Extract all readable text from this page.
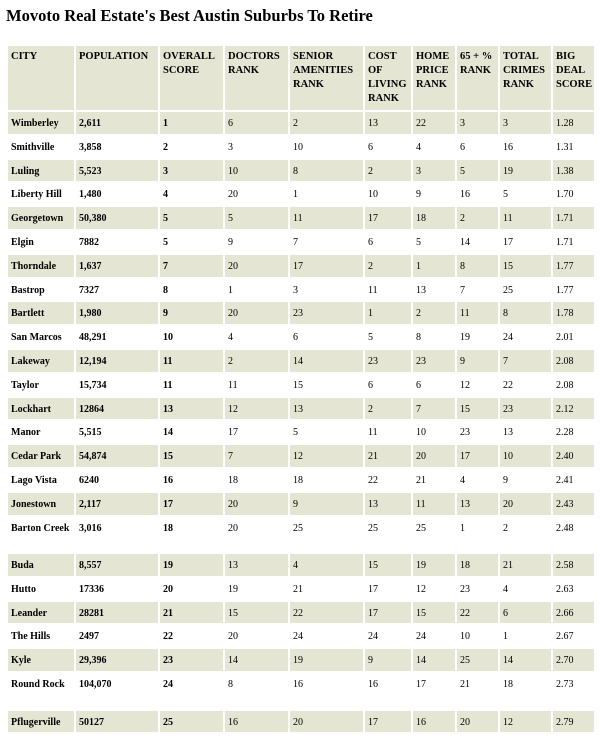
Movoto Real Estate's Best Austin Suburbs To Retire
CITY	POPULATION	OVERALL SCORE	DOCTORS RANK	SENIOR AMENITIES RANK	COST OF LIVING RANK	HOME PRICE RANK	65 + % RANK	TOTAL CRIMES RANK	BIG DEAL SCORE
Wimberley	2,611	1	6	2	13	22	3	3	1.28
Smithville	3,858	2	3	10	6	4	6	16	1.31
Luling	5,523	3	10	8	2	3	5	19	1.38
Liberty Hill	1,480	4	20	1	10	9	16	5	1.70
Georgetown	50,380	5	5	11	17	18	2	11	1.71
Elgin	7882	5	9	7	6	5	14	17	1.71
Thorndale	1,637	7	20	17	2	1	8	15	1.77
Bastrop	7327	8	1	3	11	13	7	25	1.77
Bartlett	1,980	9	20	23	1	2	11	8	1.78
San Marcos	48,291	10	4	6	5	8	19	24	2.01
Lakeway	12,194	11	2	14	23	23	9	7	2.08
Taylor	15,734	11	11	15	6	6	12	22	2.08
Lockhart	12864	13	12	13	2	7	15	23	2.12
Manor	5,515	14	17	5	11	10	23	13	2.28
Cedar Park	54,874	15	7	12	21	20	17	10	2.40
Lago Vista	6240	16	18	18	22	21	4	9	2.41
Jonestown	2,117	17	20	9	13	11	13	20	2.43
Barton Creek	3,016	18	20	25	25	25	1	2	2.48
Buda	8,557	19	13	4	15	19	18	21	2.58
Hutto	17336	20	19	21	17	12	23	4	2.63
Leander	28281	21	15	22	17	15	22	6	2.66
The Hills	2497	22	20	24	24	24	10	1	2.67
Kyle	29,396	23	14	19	9	14	25	14	2.70
Round Rock	104,070	24	8	16	16	17	21	18	2.73
Pflugerville	50127	25	16	20	17	16	20	12	2.79
